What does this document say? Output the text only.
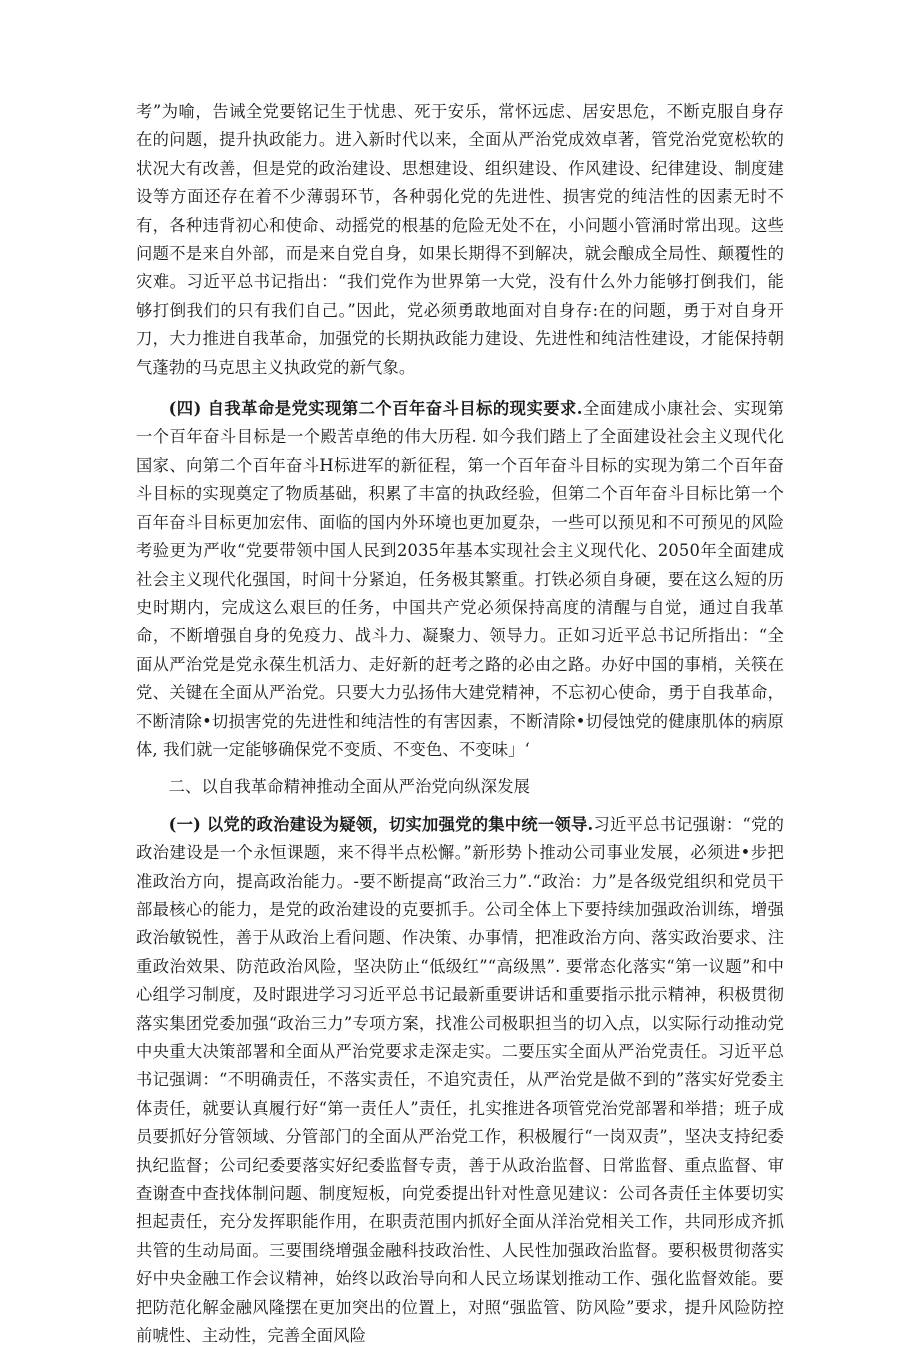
考”为喻，告诫全党要铭记生于忧患、死于安乐，常怀远虑、居安思危，不断克服自身存在的问题，提升执政能力。进入新时代以来，全面从严治党成效卓著，管党治党宽松软的状况大有改善，但是党的政治建设、思想建设、组织建设、作风建设、纪律建设、制度建设等方面还存在着不少薄弱环节，各种弱化党的先进性、损害党的纯洁性的因素无时不有，各种违背初心和使命、动摇党的根基的危险无处不在，小问题小管涌时常出现。这些问题不是来自外部，而是来自党自身，如果长期得不到解决，就会酿成全局性、颠覆性的灾难。习近平总书记指出：“我们党作为世界第一大党，没有什么外力能够打倒我们，能够打倒我们的只有我们自己。”因此，党必须勇敢地面对自身存:在的问题，勇于对自身开刀，大力推进自我革命，加强党的长期执政能力建设、先进性和纯洁性建设，才能保持朝气蓬勃的马克思主义执政党的新气象。

(四) 自我革命是党实现第二个百年奋斗目标的现实要求.全面建成小康社会、实现第一个百年奋斗目标是一个殿苦卓绝的伟大历程. 如今我们踏上了全面建设社会主义现代化国家、向第二个百年奋斗H标进军的新征程，第一个百年奋斗目标的实现为第二个百年奋斗目标的实现奠定了物质基础，积累了丰富的执政经验，但第二个百年奋斗目标比第一个百年奋斗目标更加宏伟、面临的国内外环境也更加夏杂，一些可以预见和不可预见的风险考验更为严收“党要带领中国人民到2035年基本实现社会主义现代化、2050年全面建成社会主义现代化强国，时间十分紧迫，任务极其繁重。打铁必须自身硬，要在这么短的历史时期内，完成这么艰巨的任务，中国共产党必须保持高度的清醒与自觉，通过自我革命，不断增强自身的免疫力、战斗力、凝聚力、领导力。正如习近平总书记所指出：“全面从严治党是党永葆生机活力、走好新的赶考之路的必由之路。办好中国的事梢，关筷在党、关键在全面从严治党。只要大力弘扬伟大建党精神，不忘初心使命，勇于自我革命，不断清除•切损害党的先进性和纯洁性的有害因素，不断清除•切侵蚀党的健康肌体的病原体, 我们就一定能够确保党不变质、不变色、不变味」‘

二、以自我革命精神推动全面从严治党向纵深发展

(一) 以党的政治建设为疑领，切实加强党的集中统一领导.习近平总书记强谢：“党的政治建设是一个永恒课题，来不得半点松懈。”新形势卜推动公司事业发展，必须进•步把准政治方向，提高政治能力。-要不断提高“政治三力”.“政治：力”是各级党组织和党员干部最核心的能力，是党的政治建设的克要抓手。公司全体上下要持续加强政治训练，增强政治敏锐性，善于从政治上看问题、作决策、办事情，把准政治方向、落实政治要求、注重政治效果、防范政治风险，坚决防止“低级红”“高级黑”. 要常态化落实“第一议题”和中心组学习制度，及时跟进学习习近平总书记最新重要讲话和重要指示批示精神，积极贯彻落实集团党委加强“政治三力”专项方案，找准公司极职担当的切入点，以实际行动推动党中央重大决策部署和全面从严治党要求走深走实。二要压实全面从严治党责任。习近平总书记强调：“不明确责任，不落实责任，不追究责任，从严治党是做不到的”落实好党委主体责任，就要认真履行好“第一责任人”责任，扎实推进各项管党治党部署和举措；班子成员要抓好分管领域、分管部门的全面从严治党工作，积极履行“一岗双责”，坚决支持纪委执纪监督；公司纪委要落实好纪委监督专责，善于从政治监督、日常监督、重点监督、审查谢查中查找体制问题、制度短板，向党委提出针对性意见建议：公司各责任主体要切实担起责任，充分发挥职能作用，在职责范围内抓好全面从洋治党相关工作，共同形成齐抓共管的生动局面。三要围绕增强金融科技政治性、人民性加强政治监督。要积极贯彻落实好中央金融工作会议精神，始终以政治导向和人民立场谋划推动工作、强化监督效能。要把防范化解金融风隆摆在更加突出的位置上，对照“强监管、防风险”要求，提升风险防控前唬性、主动性，完善全面风险
